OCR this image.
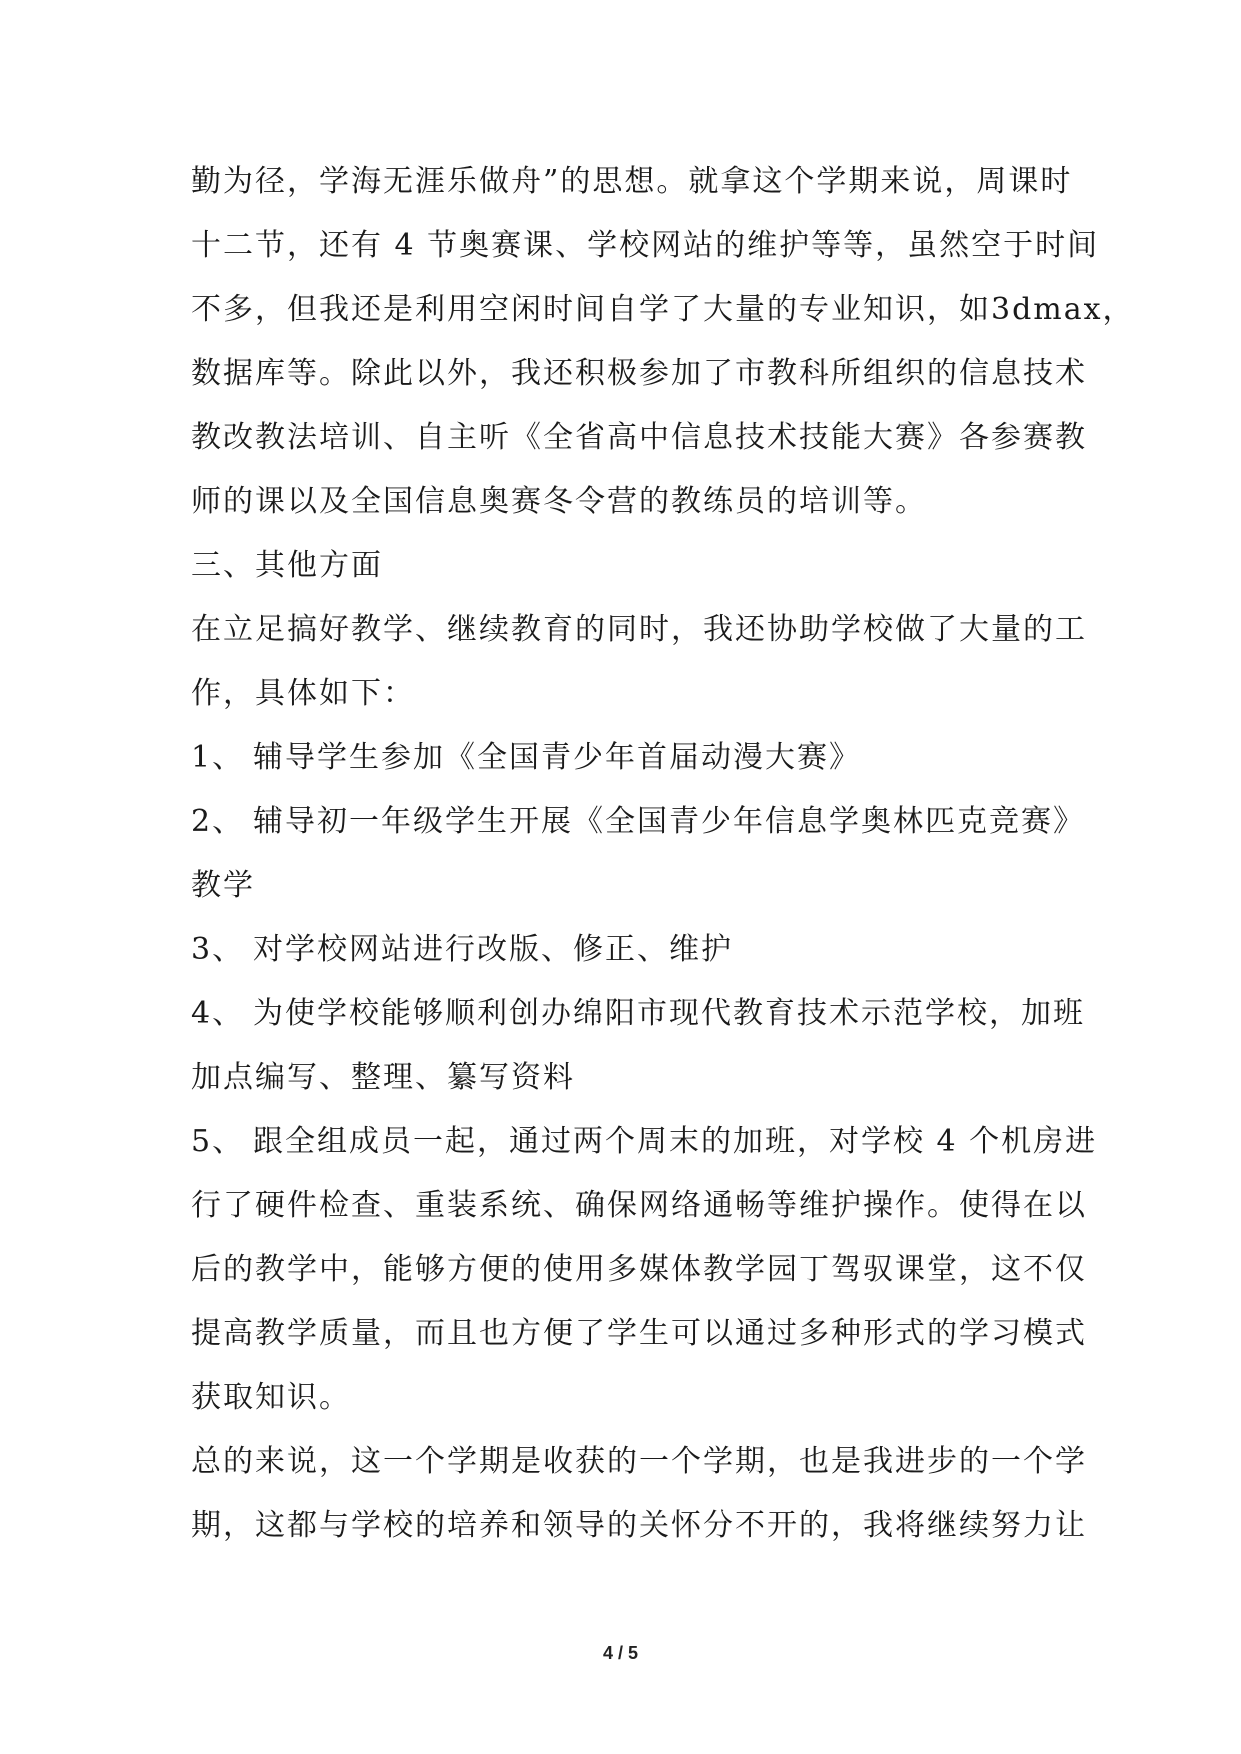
勤为径，学海无涯乐做舟”的思想。就拿这个学期来说，周课时
十二节，还有 4 节奥赛课、学校网站的维护等等，虽然空于时间
不多，但我还是利用空闲时间自学了大量的专业知识，如3dmax，
数据库等。除此以外，我还积极参加了市教科所组织的信息技术
教改教法培训、自主听《全省高中信息技术技能大赛》各参赛教
师的课以及全国信息奥赛冬令营的教练员的培训等。
三、其他方面
在立足搞好教学、继续教育的同时，我还协助学校做了大量的工
作，具体如下：
1、 辅导学生参加《全国青少年首届动漫大赛》
2、 辅导初一年级学生开展《全国青少年信息学奥林匹克竞赛》
教学
3、 对学校网站进行改版、修正、维护
4、 为使学校能够顺利创办绵阳市现代教育技术示范学校，加班
加点编写、整理、纂写资料
5、 跟全组成员一起，通过两个周末的加班，对学校 4 个机房进
行了硬件检查、重装系统、确保网络通畅等维护操作。使得在以
后的教学中，能够方便的使用多媒体教学园丁驾驭课堂，这不仅
提高教学质量，而且也方便了学生可以通过多种形式的学习模式
获取知识。
总的来说，这一个学期是收获的一个学期，也是我进步的一个学
期，这都与学校的培养和领导的关怀分不开的，我将继续努力让
4 / 5
